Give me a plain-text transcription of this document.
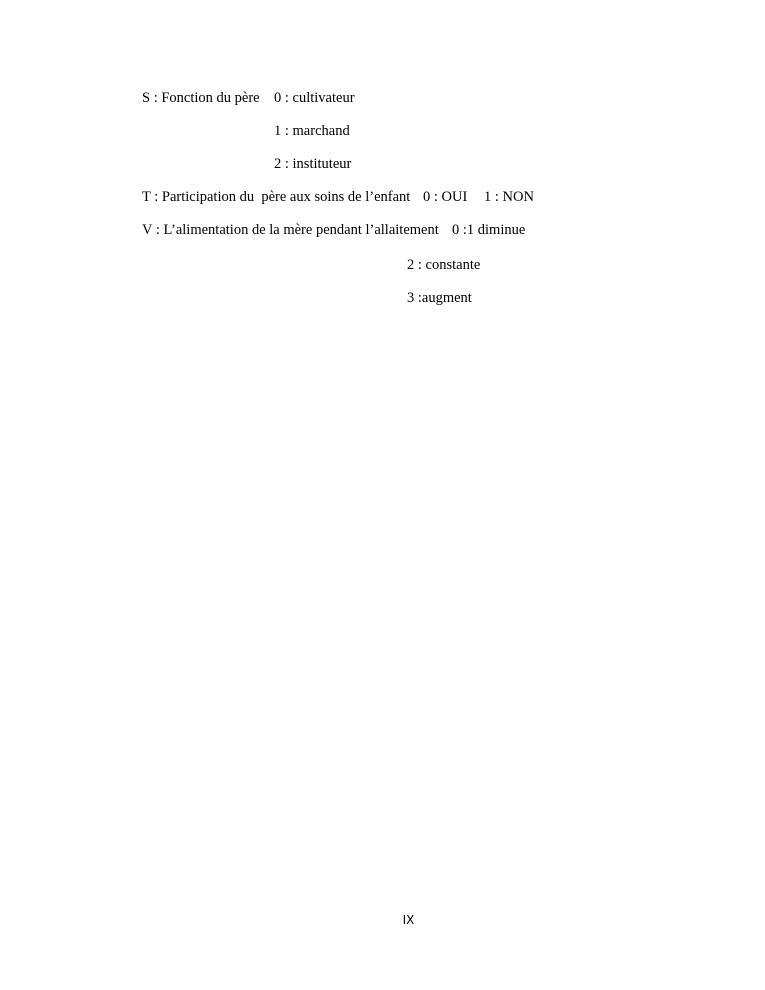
S : Fonction du père 0 : cultivateur
1 : marchand
2 : instituteur
T : Participation du  père aux soins de l’enfant 0 : OUI 1 : NON
V : L’alimentation de la mère pendant l’allaitement 0 :1 diminue
2 : constante
3 :augment
IX
